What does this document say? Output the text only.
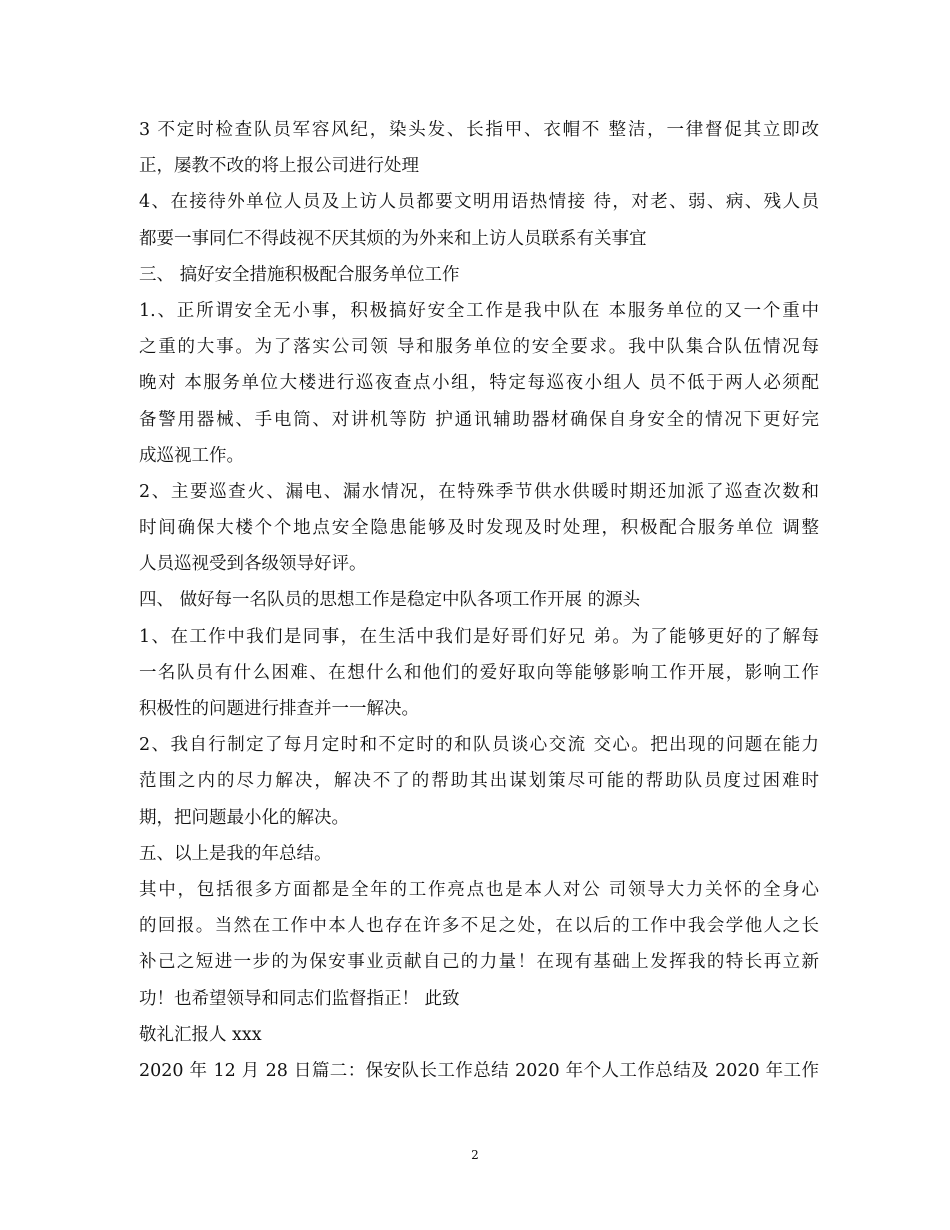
3 不定时检查队员军容风纪，染头发、长指甲、衣帽不 整洁，一律督促其立即改
正，屡教不改的将上报公司进行处理
4、在接待外单位人员及上访人员都要文明用语热情接 待，对老、弱、病、残人员
都要一事同仁不得歧视不厌其烦的为外来和上访人员联系有关事宜
三、 搞好安全措施积极配合服务单位工作
1.、正所谓安全无小事，积极搞好安全工作是我中队在 本服务单位的又一个重中
之重的大事。为了落实公司领 导和服务单位的安全要求。我中队集合队伍情况每
晚对 本服务单位大楼进行巡夜查点小组，特定每巡夜小组人 员不低于两人必须配
备警用器械、手电筒、对讲机等防 护通讯辅助器材确保自身安全的情况下更好完
成巡视工作。
2、主要巡查火、漏电、漏水情况，在特殊季节供水供暖时期还加派了巡查次数和
时间确保大楼个个地点安全隐患能够及时发现及时处理，积极配合服务单位 调整
人员巡视受到各级领导好评。
四、 做好每一名队员的思想工作是稳定中队各项工作开展 的源头
1、在工作中我们是同事，在生活中我们是好哥们好兄 弟。为了能够更好的了解每
一名队员有什么困难、在想什么和他们的爱好取向等能够影响工作开展，影响工作
积极性的问题进行排查并一一解决。
2、我自行制定了每月定时和不定时的和队员谈心交流 交心。把出现的问题在能力
范围之内的尽力解决，解决不了的帮助其出谋划策尽可能的帮助队员度过困难时
期，把问题最小化的解决。
五、以上是我的年总结。
其中，包括很多方面都是全年的工作亮点也是本人对公 司领导大力关怀的全身心
的回报。当然在工作中本人也存在许多不足之处，在以后的工作中我会学他人之长
补己之短进一步的为保安事业贡献自己的力量！在现有基础上发挥我的特长再立新
功！也希望领导和同志们监督指正！ 此致
敬礼汇报人 xxx
2020 年 12 月 28 日篇二：保安队长工作总结 2020 年个人工作总结及 2020 年工作
2
